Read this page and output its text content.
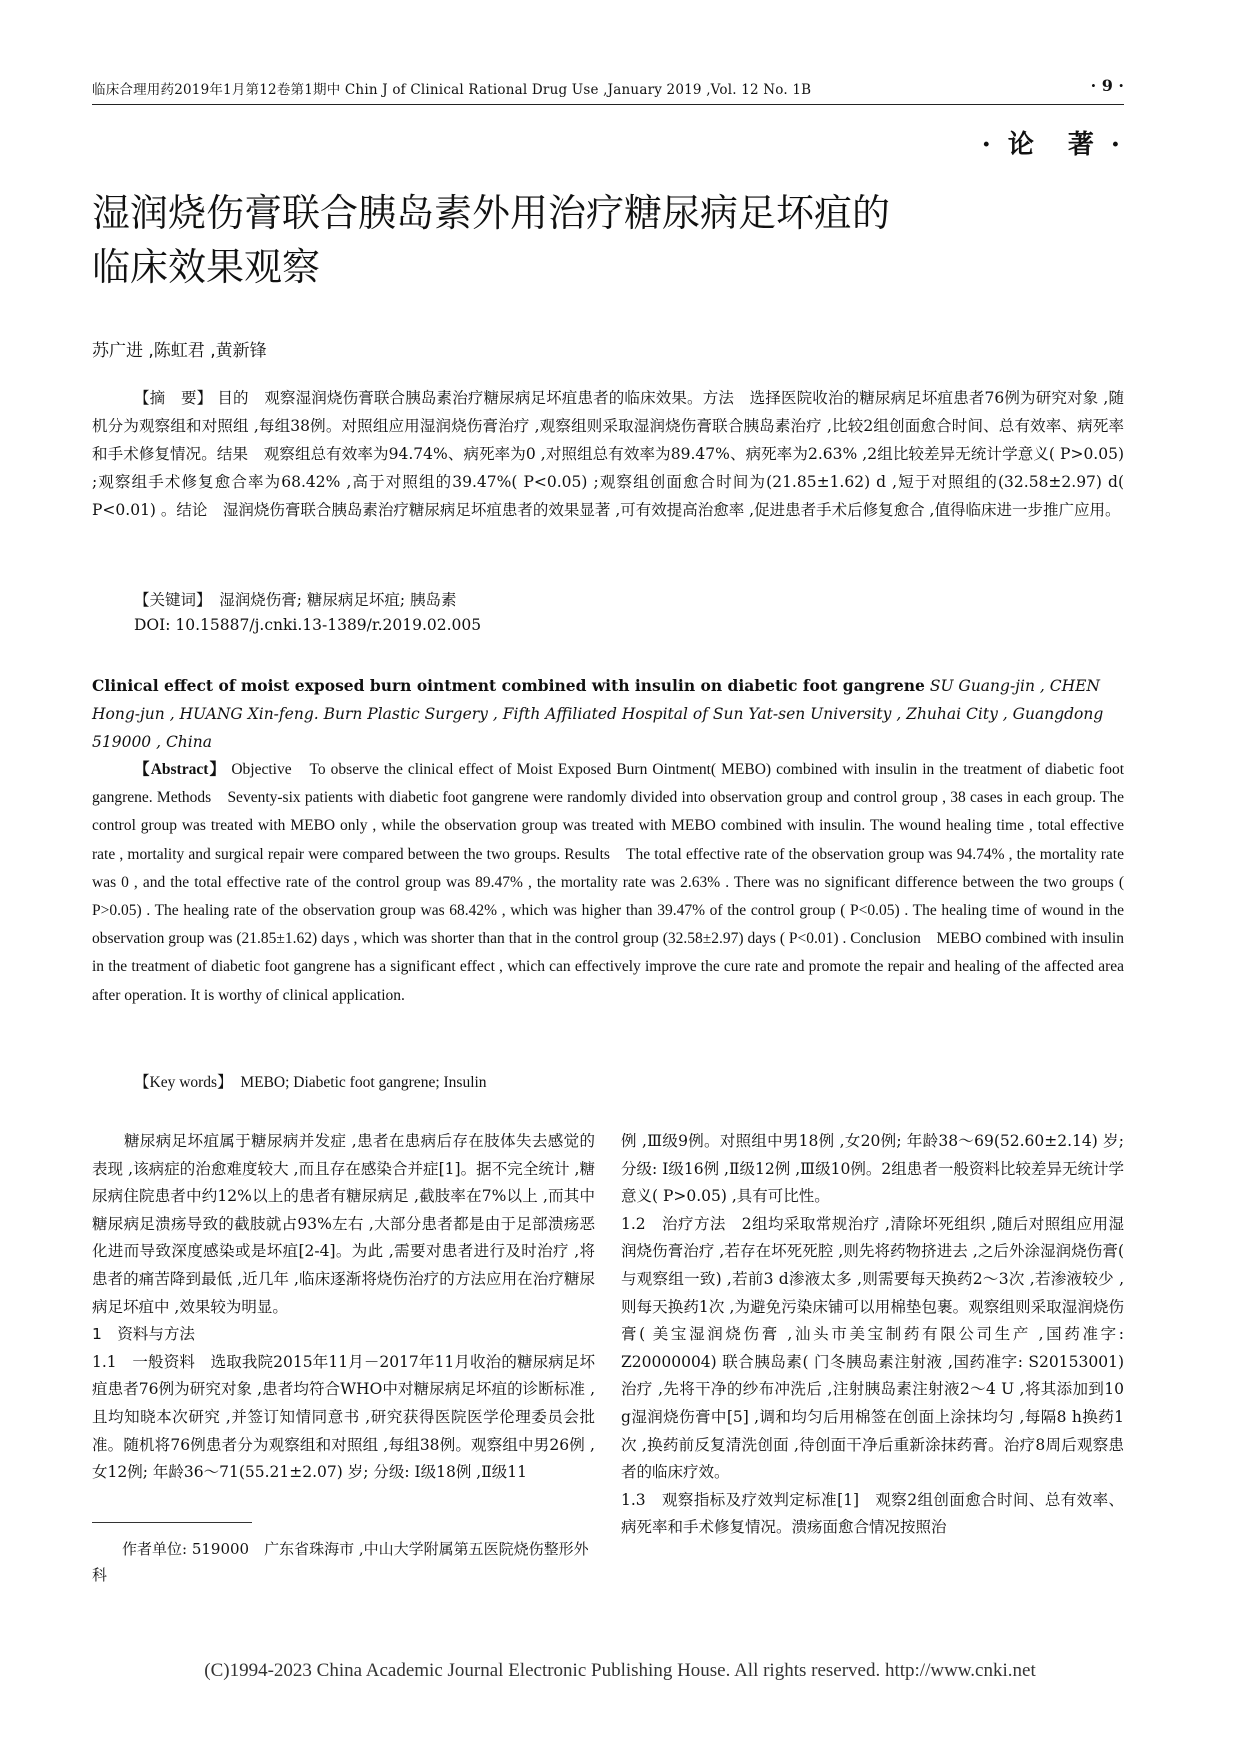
临床合理用药2019年1月第12卷第1期中 Chin J of Clinical Rational Drug Use ,January 2019 ,Vol. 12 No. 1B	· 9 ·
· 论　著 ·
湿润烧伤膏联合胰岛素外用治疗糖尿病足坏疽的
临床效果观察
苏广进 ,陈虹君 ,黄新锋
【摘　要】 目的　观察湿润烧伤膏联合胰岛素治疗糖尿病足坏疽患者的临床效果。方法　选择医院收治的糖尿病足坏疽患者76例为研究对象 ,随机分为观察组和对照组 ,每组38例。对照组应用湿润烧伤膏治疗 ,观察组则采取湿润烧伤膏联合胰岛素治疗 ,比较2组创面愈合时间、总有效率、病死率和手术修复情况。结果　观察组总有效率为94.74%、病死率为0 ,对照组总有效率为89.47%、病死率为2.63% ,2组比较差异无统计学意义( P>0.05) ;观察组手术修复愈合率为68.42% ,高于对照组的39.47%( P<0.05) ;观察组创面愈合时间为(21.85±1.62) d ,短于对照组的(32.58±2.97) d( P<0.01) 。结论　湿润烧伤膏联合胰岛素治疗糖尿病足坏疽患者的效果显著 ,可有效提高治愈率 ,促进患者手术后修复愈合 ,值得临床进一步推广应用。
【关键词】　湿润烧伤膏; 糖尿病足坏疽; 胰岛素
DOI: 10.15887/j.cnki.13-1389/r.2019.02.005
Clinical effect of moist exposed burn ointment combined with insulin on diabetic foot gangrene SU Guang-jin , CHEN Hong-jun , HUANG Xin-feng. Burn Plastic Surgery , Fifth Affiliated Hospital of Sun Yat-sen University , Zhuhai City , Guangdong 519000 , China
【Abstract】 Objective　To observe the clinical effect of Moist Exposed Burn Ointment( MEBO) combined with insulin in the treatment of diabetic foot gangrene. Methods　Seventy-six patients with diabetic foot gangrene were randomly divided into observation group and control group , 38 cases in each group. The control group was treated with MEBO only , while the observation group was treated with MEBO combined with insulin. The wound healing time , total effective rate , mortality and surgical repair were compared between the two groups. Results　The total effective rate of the observation group was 94.74% , the mortality rate was 0 , and the total effective rate of the control group was 89.47% , the mortality rate was 2.63% . There was no significant difference between the two groups ( P>0.05) . The healing rate of the observation group was 68.42% , which was higher than 39.47% of the control group ( P<0.05) . The healing time of wound in the observation group was (21.85±1.62) days , which was shorter than that in the control group (32.58±2.97) days ( P<0.01) . Conclusion　MEBO combined with insulin in the treatment of diabetic foot gangrene has a significant effect , which can effectively improve the cure rate and promote the repair and healing of the affected area after operation. It is worthy of clinical application.
【Key words】　MEBO; Diabetic foot gangrene; Insulin

糖尿病足坏疽属于糖尿病并发症 ,患者在患病后存在肢体失去感觉的表现 ,该病症的治愈难度较大 ,而且存在感染合并症[1]。据不完全统计 ,糖尿病住院患者中约12%以上的患者有糖尿病足 ,截肢率在7%以上 ,而其中糖尿病足溃疡导致的截肢就占93%左右 ,大部分患者都是由于足部溃疡恶化进而导致深度感染或是坏疽[2-4]。为此 ,需要对患者进行及时治疗 ,将患者的痛苦降到最低 ,近几年 ,临床逐渐将烧伤治疗的方法应用在治疗糖尿病足坏疽中 ,效果较为明显。

1　资料与方法

1.1　一般资料　选取我院2015年11月－2017年11月收治的糖尿病足坏疽患者76例为研究对象 ,患者均符合WHO中对糖尿病足坏疽的诊断标准 ,且均知晓本次研究 ,并签订知情同意书 ,研究获得医院医学伦理委员会批准。随机将76例患者分为观察组和对照组 ,每组38例。观察组中男26例 ,女12例; 年龄36～71(55.21±2.07) 岁; 分级: Ⅰ级18例 ,Ⅱ级11

例 ,Ⅲ级9例。对照组中男18例 ,女20例; 年龄38～69(52.60±2.14) 岁; 分级: Ⅰ级16例 ,Ⅱ级12例 ,Ⅲ级10例。2组患者一般资料比较差异无统计学意义( P>0.05) ,具有可比性。

1.2　治疗方法　2组均采取常规治疗 ,清除坏死组织 ,随后对照组应用湿润烧伤膏治疗 ,若存在坏死死腔 ,则先将药物挤进去 ,之后外涂湿润烧伤膏( 与观察组一致) ,若前3 d渗液太多 ,则需要每天换药2～3次 ,若渗液较少 ,则每天换药1次 ,为避免污染床铺可以用棉垫包裹。观察组则采取湿润烧伤膏( 美宝湿润烧伤膏 ,汕头市美宝制药有限公司生产 ,国药准字: Z20000004) 联合胰岛素( 门冬胰岛素注射液 ,国药准字: S20153001) 治疗 ,先将干净的纱布冲洗后 ,注射胰岛素注射液2～4 U ,将其添加到10 g湿润烧伤膏中[5] ,调和均匀后用棉签在创面上涂抹均匀 ,每隔8 h换药1次 ,换药前反复清洗创面 ,待创面干净后重新涂抹药膏。治疗8周后观察患者的临床疗效。

1.3　观察指标及疗效判定标准[1]　观察2组创面愈合时间、总有效率、病死率和手术修复情况。溃疡面愈合情况按照治

作者单位: 519000　广东省珠海市 ,中山大学附属第五医院烧伤整形外科
(C)1994-2023 China Academic Journal Electronic Publishing House. All rights reserved. http://www.cnki.net
